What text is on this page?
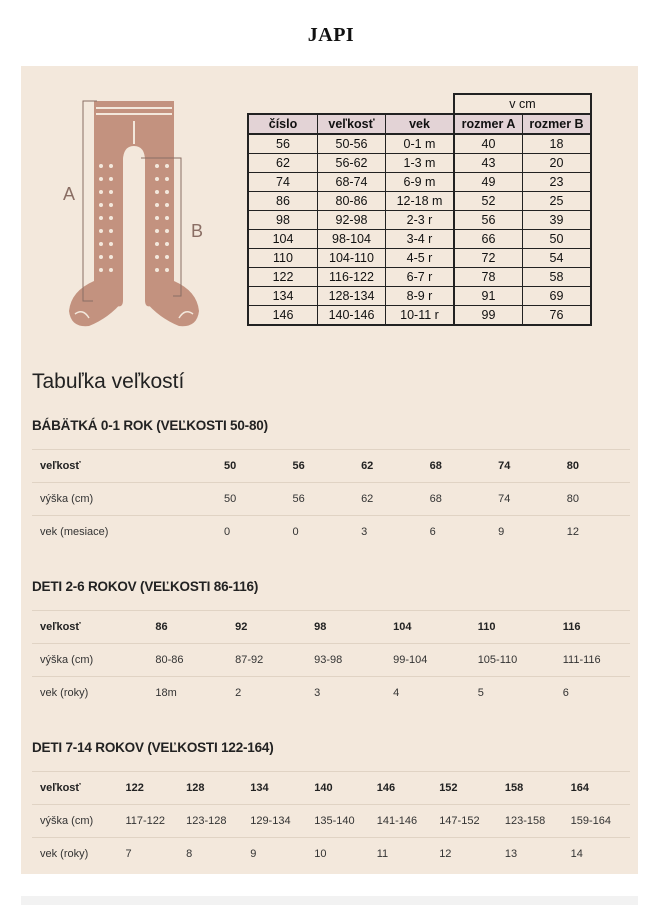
JAPI
A
B
			v cm	
číslo	veľkosť	vek	rozmer A	rozmer B
56	50-56	0-1 m	40	18
62	56-62	1-3 m	43	20
74	68-74	6-9 m	49	23
86	80-86	12-18 m	52	25
98	92-98	2-3 r	56	39
104	98-104	3-4 r	66	50
110	104-110	4-5 r	72	54
122	116-122	6-7 r	78	58
134	128-134	8-9 r	91	69
146	140-146	10-11 r	99	76
Tabuľka veľkostí
BÁBÄTKÁ 0-1 ROK (VEĽKOSTI 50-80)
veľkosť	50	56	62	68	74	80
výška (cm)	50	56	62	68	74	80
vek (mesiace)	0	0	3	6	9	12
DETI 2-6 ROKOV (VEĽKOSTI 86-116)
veľkosť	86	92	98	104	110	116
výška (cm)	80-86	87-92	93-98	99-104	105-110	111-116
vek (roky)	18m	2	3	4	5	6
DETI 7-14 ROKOV (VEĽKOSTI 122-164)
veľkosť	122	128	134	140	146	152	158	164
výška (cm)	117-122	123-128	129-134	135-140	141-146	147-152	123-158	159-164
vek (roky)	7	8	9	10	11	12	13	14
